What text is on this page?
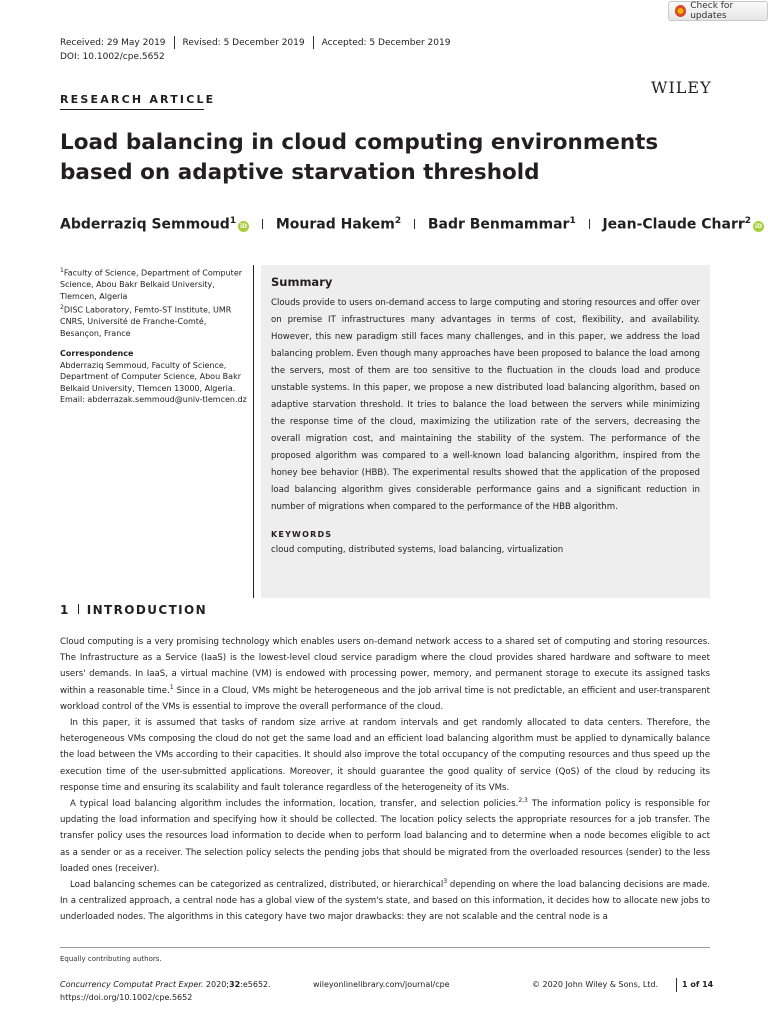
Check for updates
Received: 29 May 2019 Revised: 5 December 2019 Accepted: 5 December 2019
DOI: 10.1002/cpe.5652
WILEY
RESEARCH ARTICLE
Load balancing in cloud computing environments based on adaptive starvation threshold
Abderraziq Semmoud$^1$iD Mourad Hakem$^2$ Badr Benmammar$^1$ Jean-Claude Charr$^2$iD
$^1$Faculty of Science, Department of Computer Science, Abou Bakr Belkaid University, Tlemcen, Algeria
$^2$DISC Laboratory, Femto-ST Institute, UMR CNRS, Université de Franche-Comté, Besançon, France
Correspondence
Abderraziq Semmoud, Faculty of Science, Department of Computer Science, Abou Bakr Belkaid University, Tlemcen 13000, Algeria. Email: abderrazak.semmoud@univ-tlemcen.dz
Summary
Clouds provide to users on-demand access to large computing and storing resources and offer over on premise IT infrastructures many advantages in terms of cost, flexibility, and availability. However, this new paradigm still faces many challenges, and in this paper, we address the load balancing problem. Even though many approaches have been proposed to balance the load among the servers, most of them are too sensitive to the fluctuation in the clouds load and produce unstable systems. In this paper, we propose a new distributed load balancing algorithm, based on adaptive starvation threshold. It tries to balance the load between the servers while minimizing the response time of the cloud, maximizing the utilization rate of the servers, decreasing the overall migration cost, and maintaining the stability of the system. The performance of the proposed algorithm was compared to a well-known load balancing algorithm, inspired from the honey bee behavior (HBB). The experimental results showed that the application of the proposed load balancing algorithm gives considerable performance gains and a significant reduction in number of migrations when compared to the performance of the HBB algorithm.
KEYWORDS
cloud computing, distributed systems, load balancing, virtualization
1 INTRODUCTION

Cloud computing is a very promising technology which enables users on-demand network access to a shared set of computing and storing resources. The Infrastructure as a Service (IaaS) is the lowest-level cloud service paradigm where the cloud provides shared hardware and software to meet users' demands. In IaaS, a virtual machine (VM) is endowed with processing power, memory, and permanent storage to execute its assigned tasks within a reasonable time.$^1$ Since in a Cloud, VMs might be heterogeneous and the job arrival time is not predictable, an efficient and user-transparent workload control of the VMs is essential to improve the overall performance of the cloud.

In this paper, it is assumed that tasks of random size arrive at random intervals and get randomly allocated to data centers. Therefore, the heterogeneous VMs composing the cloud do not get the same load and an efficient load balancing algorithm must be applied to dynamically balance the load between the VMs according to their capacities. It should also improve the total occupancy of the computing resources and thus speed up the execution time of the user-submitted applications. Moreover, it should guarantee the good quality of service (QoS) of the cloud by reducing its response time and ensuring its scalability and fault tolerance regardless of the heterogeneity of its VMs.

A typical load balancing algorithm includes the information, location, transfer, and selection policies.$^{2,3}$ The information policy is responsible for updating the load information and specifying how it should be collected. The location policy selects the appropriate resources for a job transfer. The transfer policy uses the resources load information to decide when to perform load balancing and to determine when a node becomes eligible to act as a sender or as a receiver. The selection policy selects the pending jobs that should be migrated from the overloaded resources (sender) to the less loaded ones (receiver).

Load balancing schemes can be categorized as centralized, distributed, or hierarchical$^3$ depending on where the load balancing decisions are made. In a centralized approach, a central node has a global view of the system's state, and based on this information, it decides how to allocate new jobs to underloaded nodes. The algorithms in this category have two major drawbacks: they are not scalable and the central node is a

Equally contributing authors.
Concurrency Computat Pract Exper. 2020;32:e5652.
https://doi.org/10.1002/cpe.5652
wileyonlinelibrary.com/journal/cpe	© 2020 John Wiley & Sons, Ltd.	1 of 14
